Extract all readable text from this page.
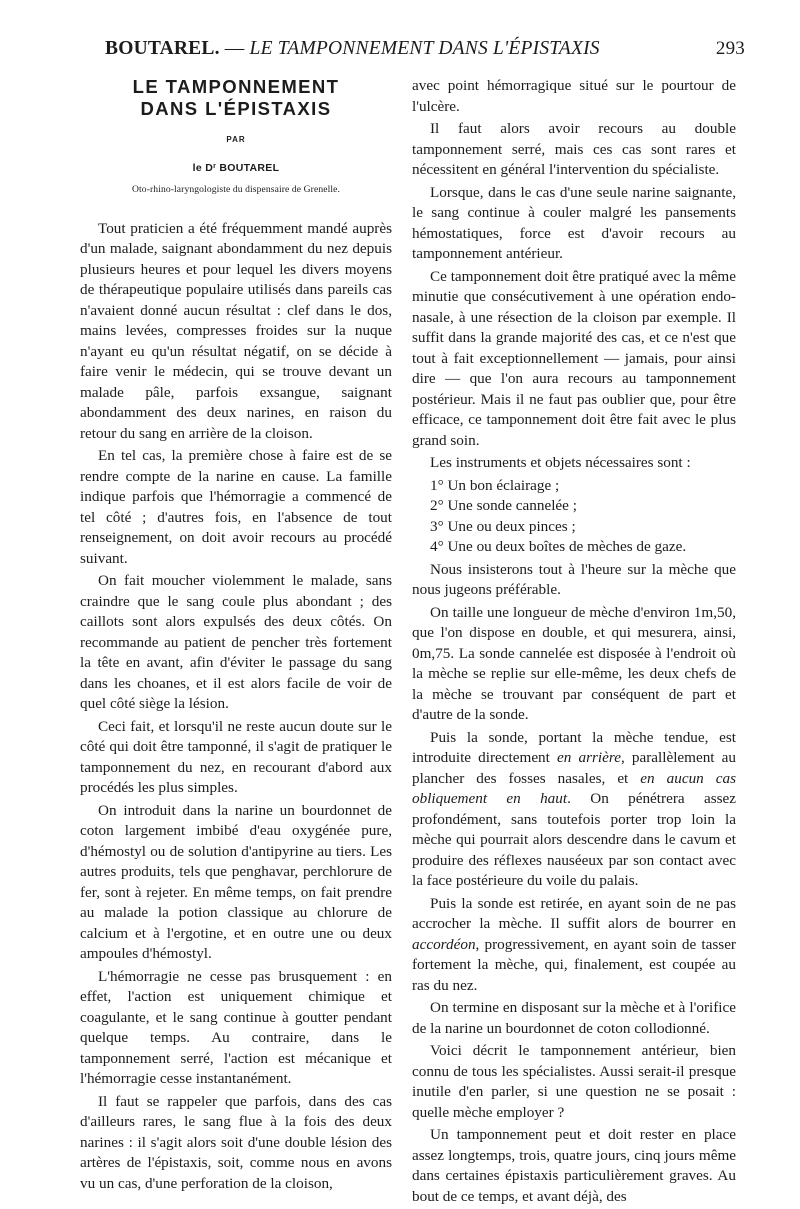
BOUTAREL. — LE TAMPONNEMENT DANS L'ÉPISTAXIS	293
LE TAMPONNEMENT
DANS L'ÉPISTAXIS
PAR
le $D^r$ BOUTAREL
Oto-rhino-laryngologiste du dispensaire de Grenelle.

Tout praticien a été fréquemment mandé auprès d'un malade, saignant abondamment du nez depuis plusieurs heures et pour lequel les divers moyens de thérapeutique populaire utilisés dans pareils cas n'avaient donné aucun résultat : clef dans le dos, mains levées, compresses froides sur la nuque n'ayant eu qu'un résultat négatif, on se décide à faire venir le médecin, qui se trouve devant un malade pâle, parfois exsangue, saignant abondamment des deux narines, en raison du retour du sang en arrière de la cloison.

En tel cas, la première chose à faire est de se rendre compte de la narine en cause. La famille indique parfois que l'hémorragie a commencé de tel côté ; d'autres fois, en l'absence de tout renseignement, on doit avoir recours au procédé suivant.

On fait moucher violemment le malade, sans craindre que le sang coule plus abondant ; des caillots sont alors expulsés des deux côtés. On recommande au patient de pencher très fortement la tête en avant, afin d'éviter le passage du sang dans les choanes, et il est alors facile de voir de quel côté siège la lésion.

Ceci fait, et lorsqu'il ne reste aucun doute sur le côté qui doit être tamponné, il s'agit de pratiquer le tamponnement du nez, en recourant d'abord aux procédés les plus simples.

On introduit dans la narine un bourdonnet de coton largement imbibé d'eau oxygénée pure, d'hémostyl ou de solution d'antipyrine au tiers. Les autres produits, tels que penghavar, perchlorure de fer, sont à rejeter. En même temps, on fait prendre au malade la potion classique au chlorure de calcium et à l'ergotine, et en outre une ou deux ampoules d'hémostyl.

L'hémorragie ne cesse pas brusquement : en effet, l'action est uniquement chimique et coagulante, et le sang continue à goutter pendant quelque temps. Au contraire, dans le tamponnement serré, l'action est mécanique et l'hémorragie cesse instantanément.

Il faut se rappeler que parfois, dans des cas d'ailleurs rares, le sang flue à la fois des deux narines : il s'agit alors soit d'une double lésion des artères de l'épistaxis, soit, comme nous en avons vu un cas, d'une perforation de la cloison,

avec point hémorragique situé sur le pourtour de l'ulcère.

Il faut alors avoir recours au double tamponnement serré, mais ces cas sont rares et nécessitent en général l'intervention du spécialiste.

Lorsque, dans le cas d'une seule narine saignante, le sang continue à couler malgré les pansements hémostatiques, force est d'avoir recours au tamponnement antérieur.

Ce tamponnement doit être pratiqué avec la même minutie que consécutivement à une opération endo-nasale, à une résection de la cloison par exemple. Il suffit dans la grande majorité des cas, et ce n'est que tout à fait exceptionnellement — jamais, pour ainsi dire — que l'on aura recours au tamponnement postérieur. Mais il ne faut pas oublier que, pour être efficace, ce tamponnement doit être fait avec le plus grand soin.

Les instruments et objets nécessaires sont :

1° Un bon éclairage ;

2° Une sonde cannelée ;

3° Une ou deux pinces ;

4° Une ou deux boîtes de mèches de gaze.

Nous insisterons tout à l'heure sur la mèche que nous jugeons préférable.

On taille une longueur de mèche d'environ 1m,50, que l'on dispose en double, et qui mesurera, ainsi, 0m,75. La sonde cannelée est disposée à l'endroit où la mèche se replie sur elle-même, les deux chefs de la mèche se trouvant par conséquent de part et d'autre de la sonde.

Puis la sonde, portant la mèche tendue, est introduite directement en arrière, parallèlement au plancher des fosses nasales, et en aucun cas obliquement en haut. On pénétrera assez profondément, sans toutefois porter trop loin la mèche qui pourrait alors descendre dans le cavum et produire des réflexes nauséeux par son contact avec la face postérieure du voile du palais.

Puis la sonde est retirée, en ayant soin de ne pas accrocher la mèche. Il suffit alors de bourrer en accordéon, progressivement, en ayant soin de tasser fortement la mèche, qui, finalement, est coupée au ras du nez.

On termine en disposant sur la mèche et à l'orifice de la narine un bourdonnet de coton collodionné.

Voici décrit le tamponnement antérieur, bien connu de tous les spécialistes. Aussi serait-il presque inutile d'en parler, si une question ne se posait : quelle mèche employer ?

Un tamponnement peut et doit rester en place assez longtemps, trois, quatre jours, cinq jours même dans certaines épistaxis particulièrement graves. Au bout de ce temps, et avant déjà, des
